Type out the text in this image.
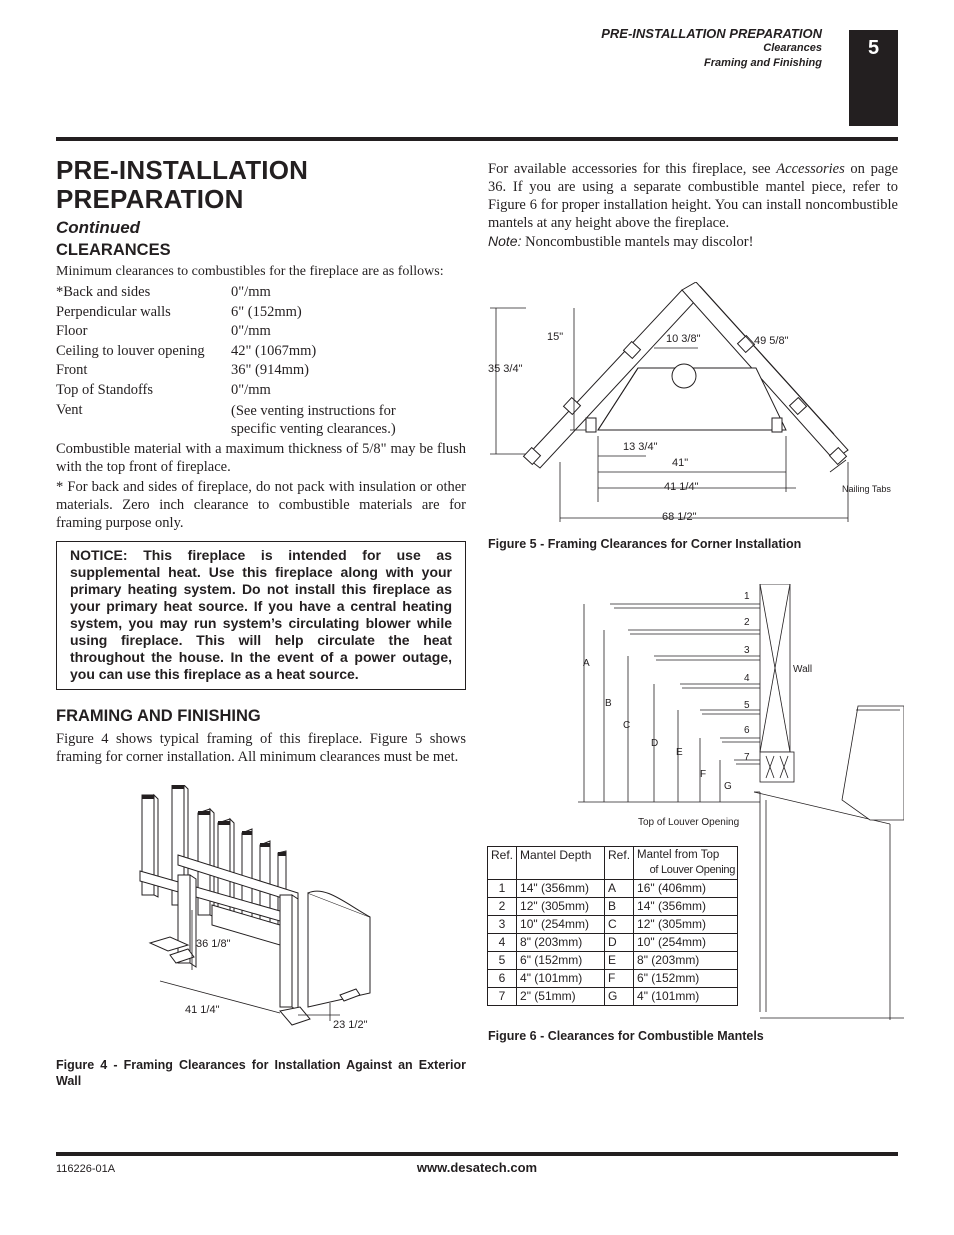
PRE-INSTALLATION PREPARATION
Clearances
Framing and Finishing
5
PRE-INSTALLATION
PREPARATION
Continued
CLEARANCES
Minimum clearances to combustibles for the fireplace are as follows:
*Back and sides	0"/mm
Perpendicular walls	6" (152mm)
Floor	0"/mm
Ceiling to louver opening	42" (1067mm)
Front	36" (914mm)
Top of Standoffs	0"/mm
Vent	(See venting instructions for specific venting clearances.)
Combustible material with a maximum thickness of 5/8" may be flush with the top front of fireplace.
* For back and sides of fireplace, do not pack with insulation or other materials. Zero inch clearance to combustible materials are for framing purpose only.
NOTICE: This fireplace is intended for use as supplemental heat. Use this fireplace along with your primary heating system. Do not install this fireplace as your primary heat source. If you have a central heating system, you may run system’s circulating blower while using fireplace. This will help circulate the heat throughout the house. In the event of a power outage, you can use this fireplace as a heat source.
FRAMING AND FINISHING
Figure 4 shows typical framing of this fireplace. Figure 5 shows framing for corner installation. All minimum clearances must be met.
36 1/8"
41 1/4"
23 1/2"
Figure 4 - Framing Clearances for Installation Against an Exterior Wall
For available accessories for this fireplace, see Accessories on page 36. If you are using a separate combustible mantel piece, refer to Figure 6 for proper installation height. You can install noncombustible mantels at any height above the fireplace.
Note: Noncombustible mantels may discolor!
15"
35 3/4"
10 3/8"	49 5/8"
13 3/4"
41"
41 1/4"
68 1/2"
Nailing Tabs
Figure 5 - Framing Clearances for Corner Installation
1
2
3
4
5
6
7
A
B
C
D
E
F
G
Wall
Top of Louver Opening
Ref.	Mantel Depth	Ref.	Mantel from Top
of Louver Opening

1	14" (356mm)	A	16" (406mm)
2	12" (305mm)	B	14" (356mm)
3	10" (254mm)	C	12" (305mm)
4	8" (203mm)	D	10" (254mm)
5	6" (152mm)	E	8" (203mm)
6	4" (101mm)	F	6" (152mm)
7	2" (51mm)	G	4" (101mm)
Figure 6 - Clearances for Combustible Mantels
116226-01A	www.desatech.com
